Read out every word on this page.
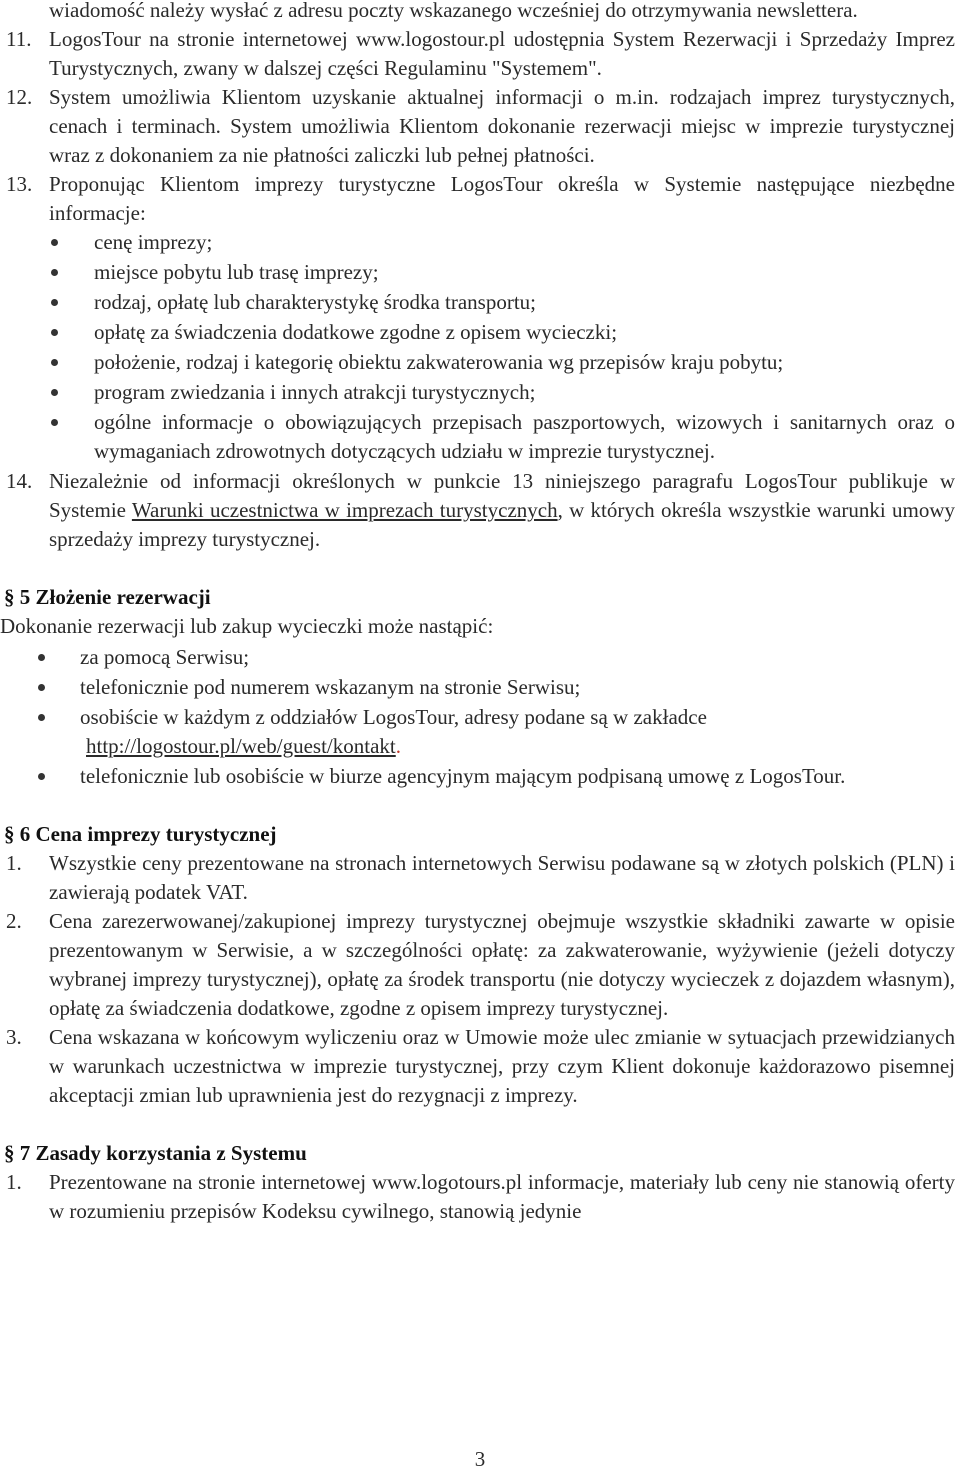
wiadomość należy wysłać z adresu poczty wskazanego wcześniej do otrzymywania newslettera.
11. LogosTour na stronie internetowej www.logostour.pl udostępnia System Rezerwacji i Sprzedaży Imprez Turystycznych, zwany w dalszej części Regulaminu "Systemem".
12. System umożliwia Klientom uzyskanie aktualnej informacji o m.in. rodzajach imprez turystycznych, cenach i terminach. System umożliwia Klientom dokonanie rezerwacji miejsc w imprezie turystycznej wraz z dokonaniem za nie płatności zaliczki lub pełnej płatności.
13. Proponując Klientom imprezy turystyczne LogosTour określa w Systemie następujące niezbędne informacje:
cenę imprezy;
miejsce pobytu lub trasę imprezy;
rodzaj, opłatę lub charakterystykę środka transportu;
opłatę za świadczenia dodatkowe zgodne z opisem wycieczki;
położenie, rodzaj i kategorię obiektu zakwaterowania wg przepisów kraju pobytu;
program zwiedzania i innych atrakcji turystycznych;
ogólne informacje o obowiązujących przepisach paszportowych, wizowych i sanitarnych oraz o wymaganiach zdrowotnych dotyczących udziału w imprezie turystycznej.
14. Niezależnie od informacji określonych w punkcie 13 niniejszego paragrafu LogosTour publikuje w Systemie Warunki uczestnictwa w imprezach turystycznych, w których określa wszystkie warunki umowy sprzedaży imprezy turystycznej.
§ 5 Złożenie rezerwacji
Dokonanie rezerwacji lub zakup wycieczki może nastąpić:
za pomocą Serwisu;
telefonicznie pod numerem wskazanym na stronie Serwisu;
osobiście w każdym z oddziałów LogosTour, adresy podane są w zakładce
http://logostour.pl/web/guest/kontakt.
telefonicznie lub osobiście w biurze agencyjnym mającym podpisaną umowę z LogosTour.
§ 6 Cena imprezy turystycznej
1. Wszystkie ceny prezentowane na stronach internetowych Serwisu podawane są w złotych polskich (PLN) i zawierają podatek VAT.
2. Cena zarezerwowanej/zakupionej imprezy turystycznej obejmuje wszystkie składniki zawarte w opisie prezentowanym w Serwisie, a w szczególności opłatę: za zakwaterowanie, wyżywienie (jeżeli dotyczy wybranej imprezy turystycznej), opłatę za środek transportu (nie dotyczy wycieczek z dojazdem własnym), opłatę za świadczenia dodatkowe, zgodne z opisem imprezy turystycznej.
3. Cena wskazana w końcowym wyliczeniu oraz w Umowie może ulec zmianie w sytuacjach przewidzianych w warunkach uczestnictwa w imprezie turystycznej, przy czym Klient dokonuje każdorazowo pisemnej akceptacji zmian lub uprawnienia jest do rezygnacji z imprezy.
§ 7 Zasady korzystania z Systemu
1. Prezentowane na stronie internetowej www.logotours.pl informacje, materiały lub ceny nie stanowią oferty w rozumieniu przepisów Kodeksu cywilnego, stanowią jedynie
3
